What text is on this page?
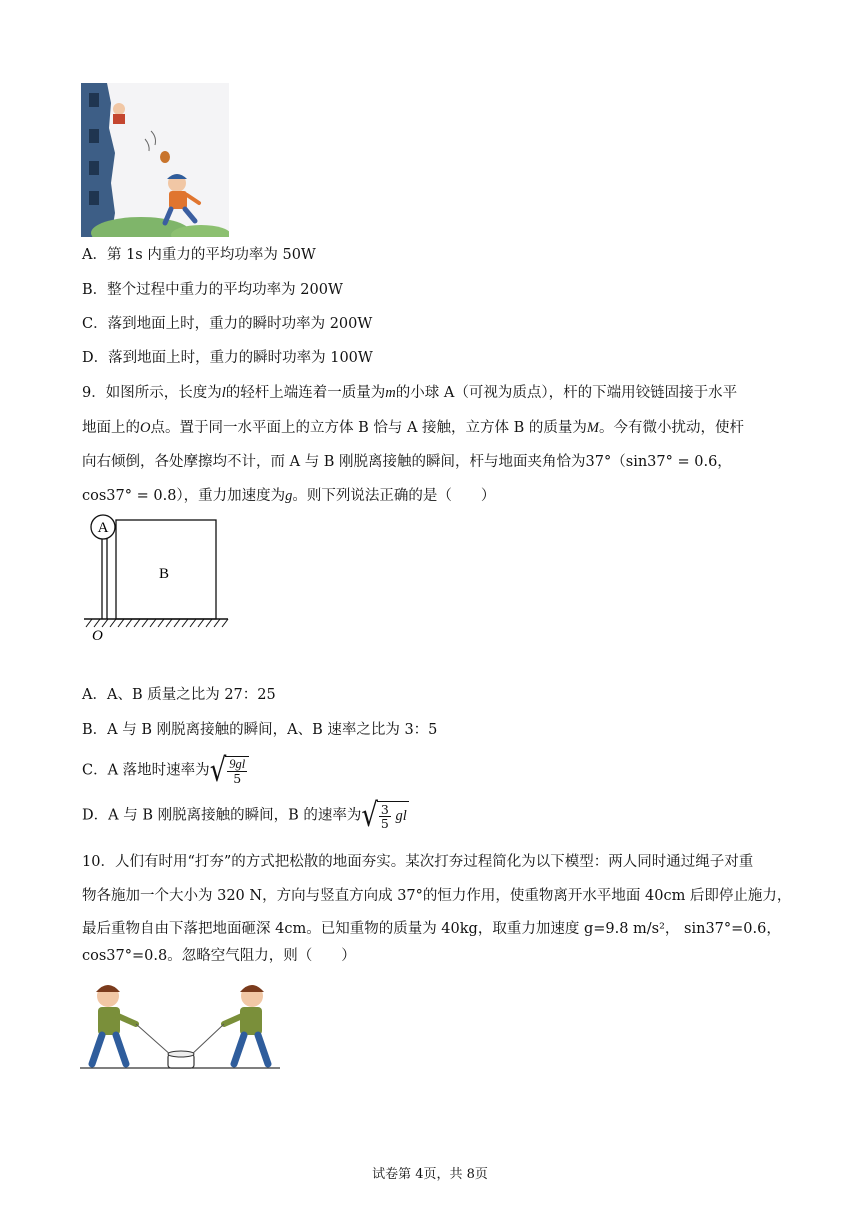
A．第 1s 内重力的平均功率为 50W
B．整个过程中重力的平均功率为 200W
C．落到地面上时，重力的瞬时功率为 200W
D．落到地面上时，重力的瞬时功率为 100W
9．如图所示，长度为l的轻杆上端连着一质量为m的小球 A（可视为质点），杆的下端用铰链固接于水平
地面上的O点。置于同一水平面上的立方体 B 恰与 A 接触，立方体 B 的质量为M。今有微小扰动，使杆
向右倾倒，各处摩擦均不计，而 A 与 B 刚脱离接触的瞬间，杆与地面夹角恰为37°（sin37° = 0.6，
cos37° = 0.8），重力加速度为g。则下列说法正确的是（　　）
A
B
O
A．A、B 质量之比为 27：25
B．A 与 B 刚脱离接触的瞬间，A、B 速率之比为 3：5
C．A 落地时速率为√ $\frac{9gl}{5}$
D．A 与 B 刚脱离接触的瞬间，B 的速率为√ $\frac{3}{5}$ gl
10．人们有时用“打夯”的方式把松散的地面夯实。某次打夯过程简化为以下模型：两人同时通过绳子对重
物各施加一个大小为 320 N，方向与竖直方向成 37°的恒力作用，使重物离开水平地面 40cm 后即停止施力，
最后重物自由下落把地面砸深 4cm。已知重物的质量为 40kg，取重力加速度 g=9.8 m/s²， sin37°=0.6，
cos37°=0.8。忽略空气阻力，则（　　）
试卷第 4页，共 8页
